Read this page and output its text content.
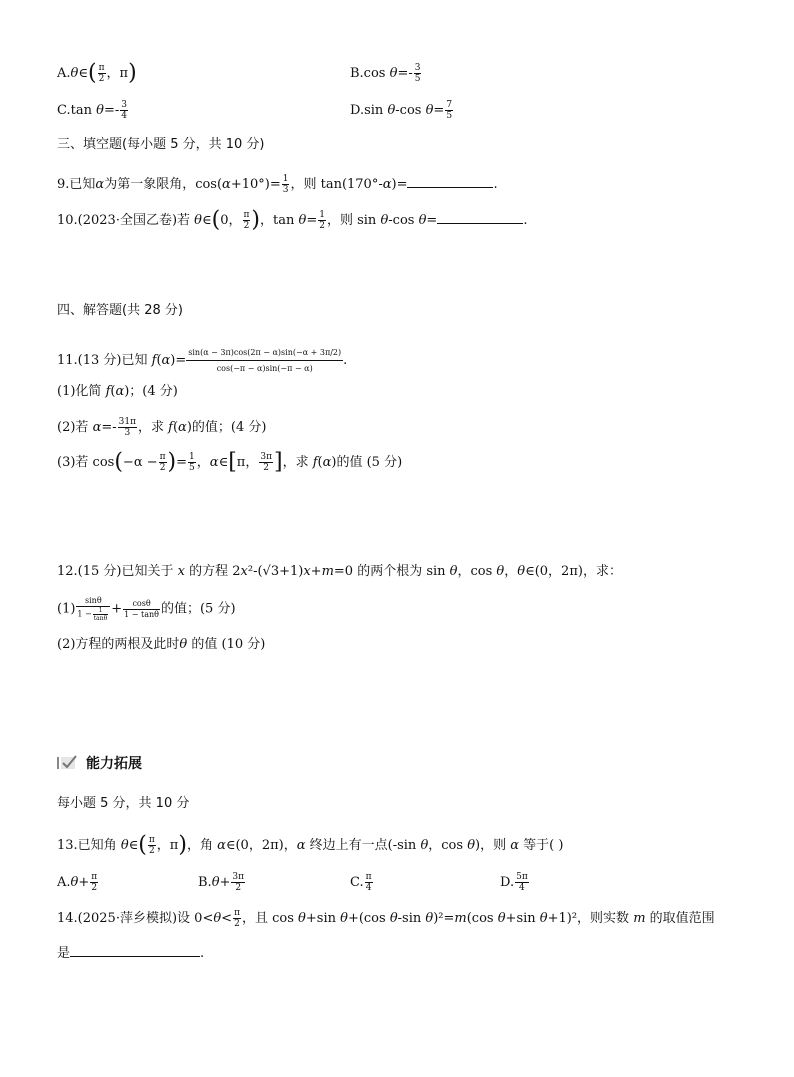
A.θ∈( $\frac{\pi}{2}$ ，π)	B.cos $\theta=- \frac{3}{5}$
C.tan $\theta=- \frac{3}{4}$	D.sin θ-cos $\theta= \frac{7}{5}$
三、填空题(每小题 5 分，共 10 分)
9.已知α为第一象限角，$\cos(\alpha+10^\circ)= \frac{1}{3}$ ，则 tan(170°-α)=	.
10.(2023·全国乙卷)若 θ∈(0， $\frac{\pi}{2}$ )，$\tan \theta= \frac{1}{2}$ ，则 sin θ-cos θ=	.
四、解答题(共 28 分)
11.(13 分)已知 $f(\alpha)= \frac{\sin(\alpha - 3\pi)\cos(2\pi - \alpha)\sin(-\alpha + 3\pi/2)}{\cos(-\pi - \alpha)\sin(-\pi - \alpha)}$ .
(1)化简 f(α)；(4 分)
(2)若 $\alpha=- \frac{31\pi}{3}$ ，求 f(α)的值；(4 分)
(3)若 $\cos(-\alpha - \frac{\pi}{2}$ )= $\frac{1}{5}$ ，α∈[π， $\frac{3\pi}{2}$ ]，求 f(α)的值 (5 分)
12.(15 分)已知关于 x 的方程 2x²-(√3+1)x+m=0 的两个根为 sin θ，cos θ，θ∈(0，2π)，求：
$(1) \frac{\sin\theta}{1 - \frac{1}{\tan\theta}} + \frac{\cos\theta}{1 - \tan\theta}$ 的值；(5 分)
(2)方程的两根及此时θ 的值 (10 分)
能力拓展
每小题 5 分，共 10 分
13.已知角 θ∈( $\frac{\pi}{2}$ ，π)，角 α∈(0，2π)，α 终边上有一点(-sin θ，cos θ)，则 α 等于( )
$A.\theta+ \frac{\pi}{2}$	$B.\theta+ \frac{3\pi}{2}$	C. $\frac{\pi}{4}$	D. $\frac{5\pi}{4}$
14.(2025·萍乡模拟)设 $0<\theta< \frac{\pi}{2}$ ，且 cos θ+sin θ+(cos θ-sin θ)²=m(cos θ+sin θ+1)²，则实数 m 的取值范围
是	.
